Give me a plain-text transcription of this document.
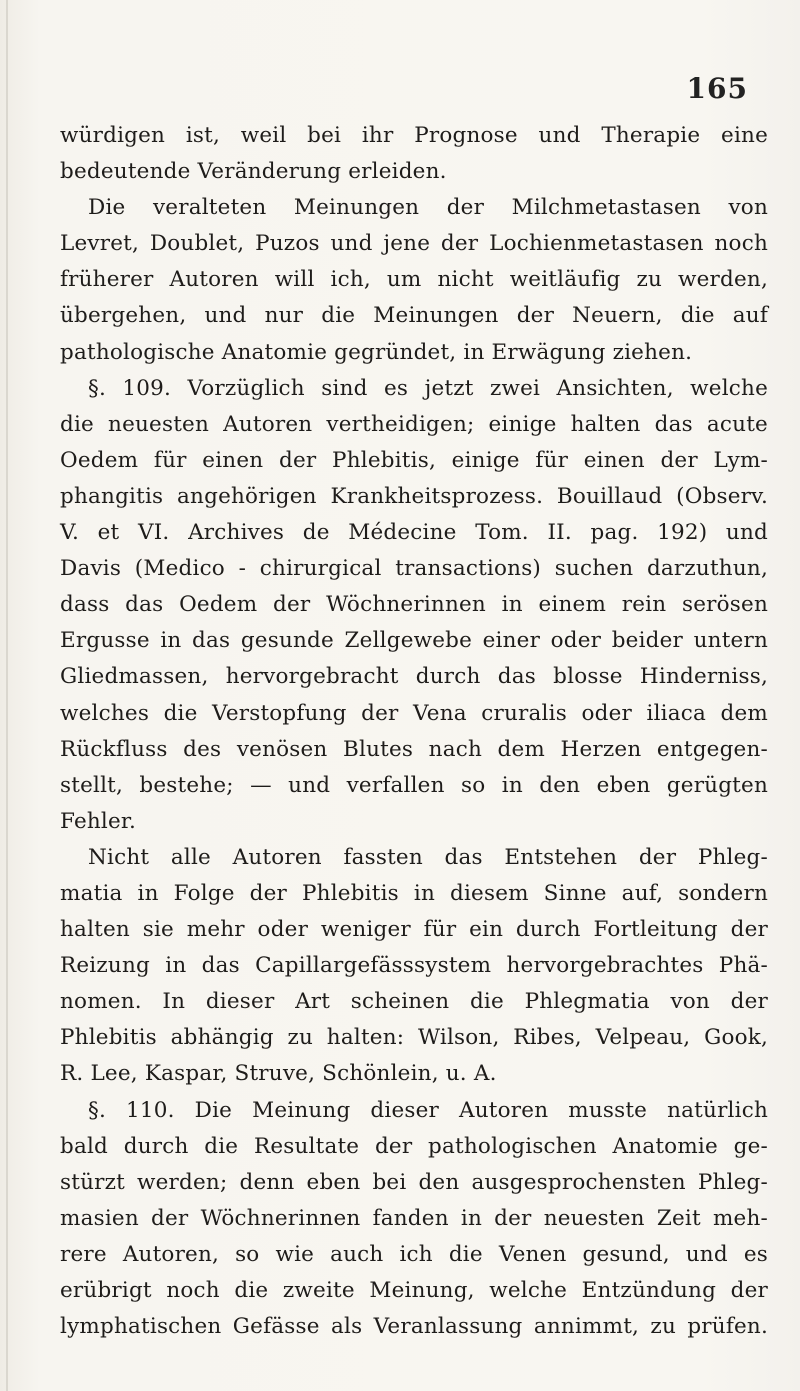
165
würdigen ist, weil bei ihr Prognose und Therapie eine
bedeutende Veränderung erleiden.
Die veralteten Meinungen der Milchmetastasen von
Levret, Doublet, Puzos und jene der Lochienmetastasen noch
früherer Autoren will ich, um nicht weitläufig zu werden,
übergehen, und nur die Meinungen der Neuern, die auf
pathologische Anatomie gegründet, in Erwägung ziehen.
§. 109. Vorzüglich sind es jetzt zwei Ansichten, welche
die neuesten Autoren vertheidigen; einige halten das acute
Oedem für einen der Phlebitis, einige für einen der Lym-
phangitis angehörigen Krankheitsprozess. Bouillaud (Observ.
V. et VI. Archives de Médecine Tom. II. pag. 192) und
Davis (Medico - chirurgical transactions) suchen darzuthun,
dass das Oedem der Wöchnerinnen in einem rein serösen
Ergusse in das gesunde Zellgewebe einer oder beider untern
Gliedmassen, hervorgebracht durch das blosse Hinderniss,
welches die Verstopfung der Vena cruralis oder iliaca dem
Rückfluss des venösen Blutes nach dem Herzen entgegen-
stellt, bestehe; — und verfallen so in den eben gerügten
Fehler.
Nicht alle Autoren fassten das Entstehen der Phleg-
matia in Folge der Phlebitis in diesem Sinne auf, sondern
halten sie mehr oder weniger für ein durch Fortleitung der
Reizung in das Capillargefässsystem hervorgebrachtes Phä-
nomen. In dieser Art scheinen die Phlegmatia von der
Phlebitis abhängig zu halten: Wilson, Ribes, Velpeau, Gook,
R. Lee, Kaspar, Struve, Schönlein, u. A.
§. 110. Die Meinung dieser Autoren musste natürlich
bald durch die Resultate der pathologischen Anatomie ge-
stürzt werden; denn eben bei den ausgesprochensten Phleg-
masien der Wöchnerinnen fanden in der neuesten Zeit meh-
rere Autoren, so wie auch ich die Venen gesund, und es
erübrigt noch die zweite Meinung, welche Entzündung der
lymphatischen Gefässe als Veranlassung annimmt, zu prüfen.
